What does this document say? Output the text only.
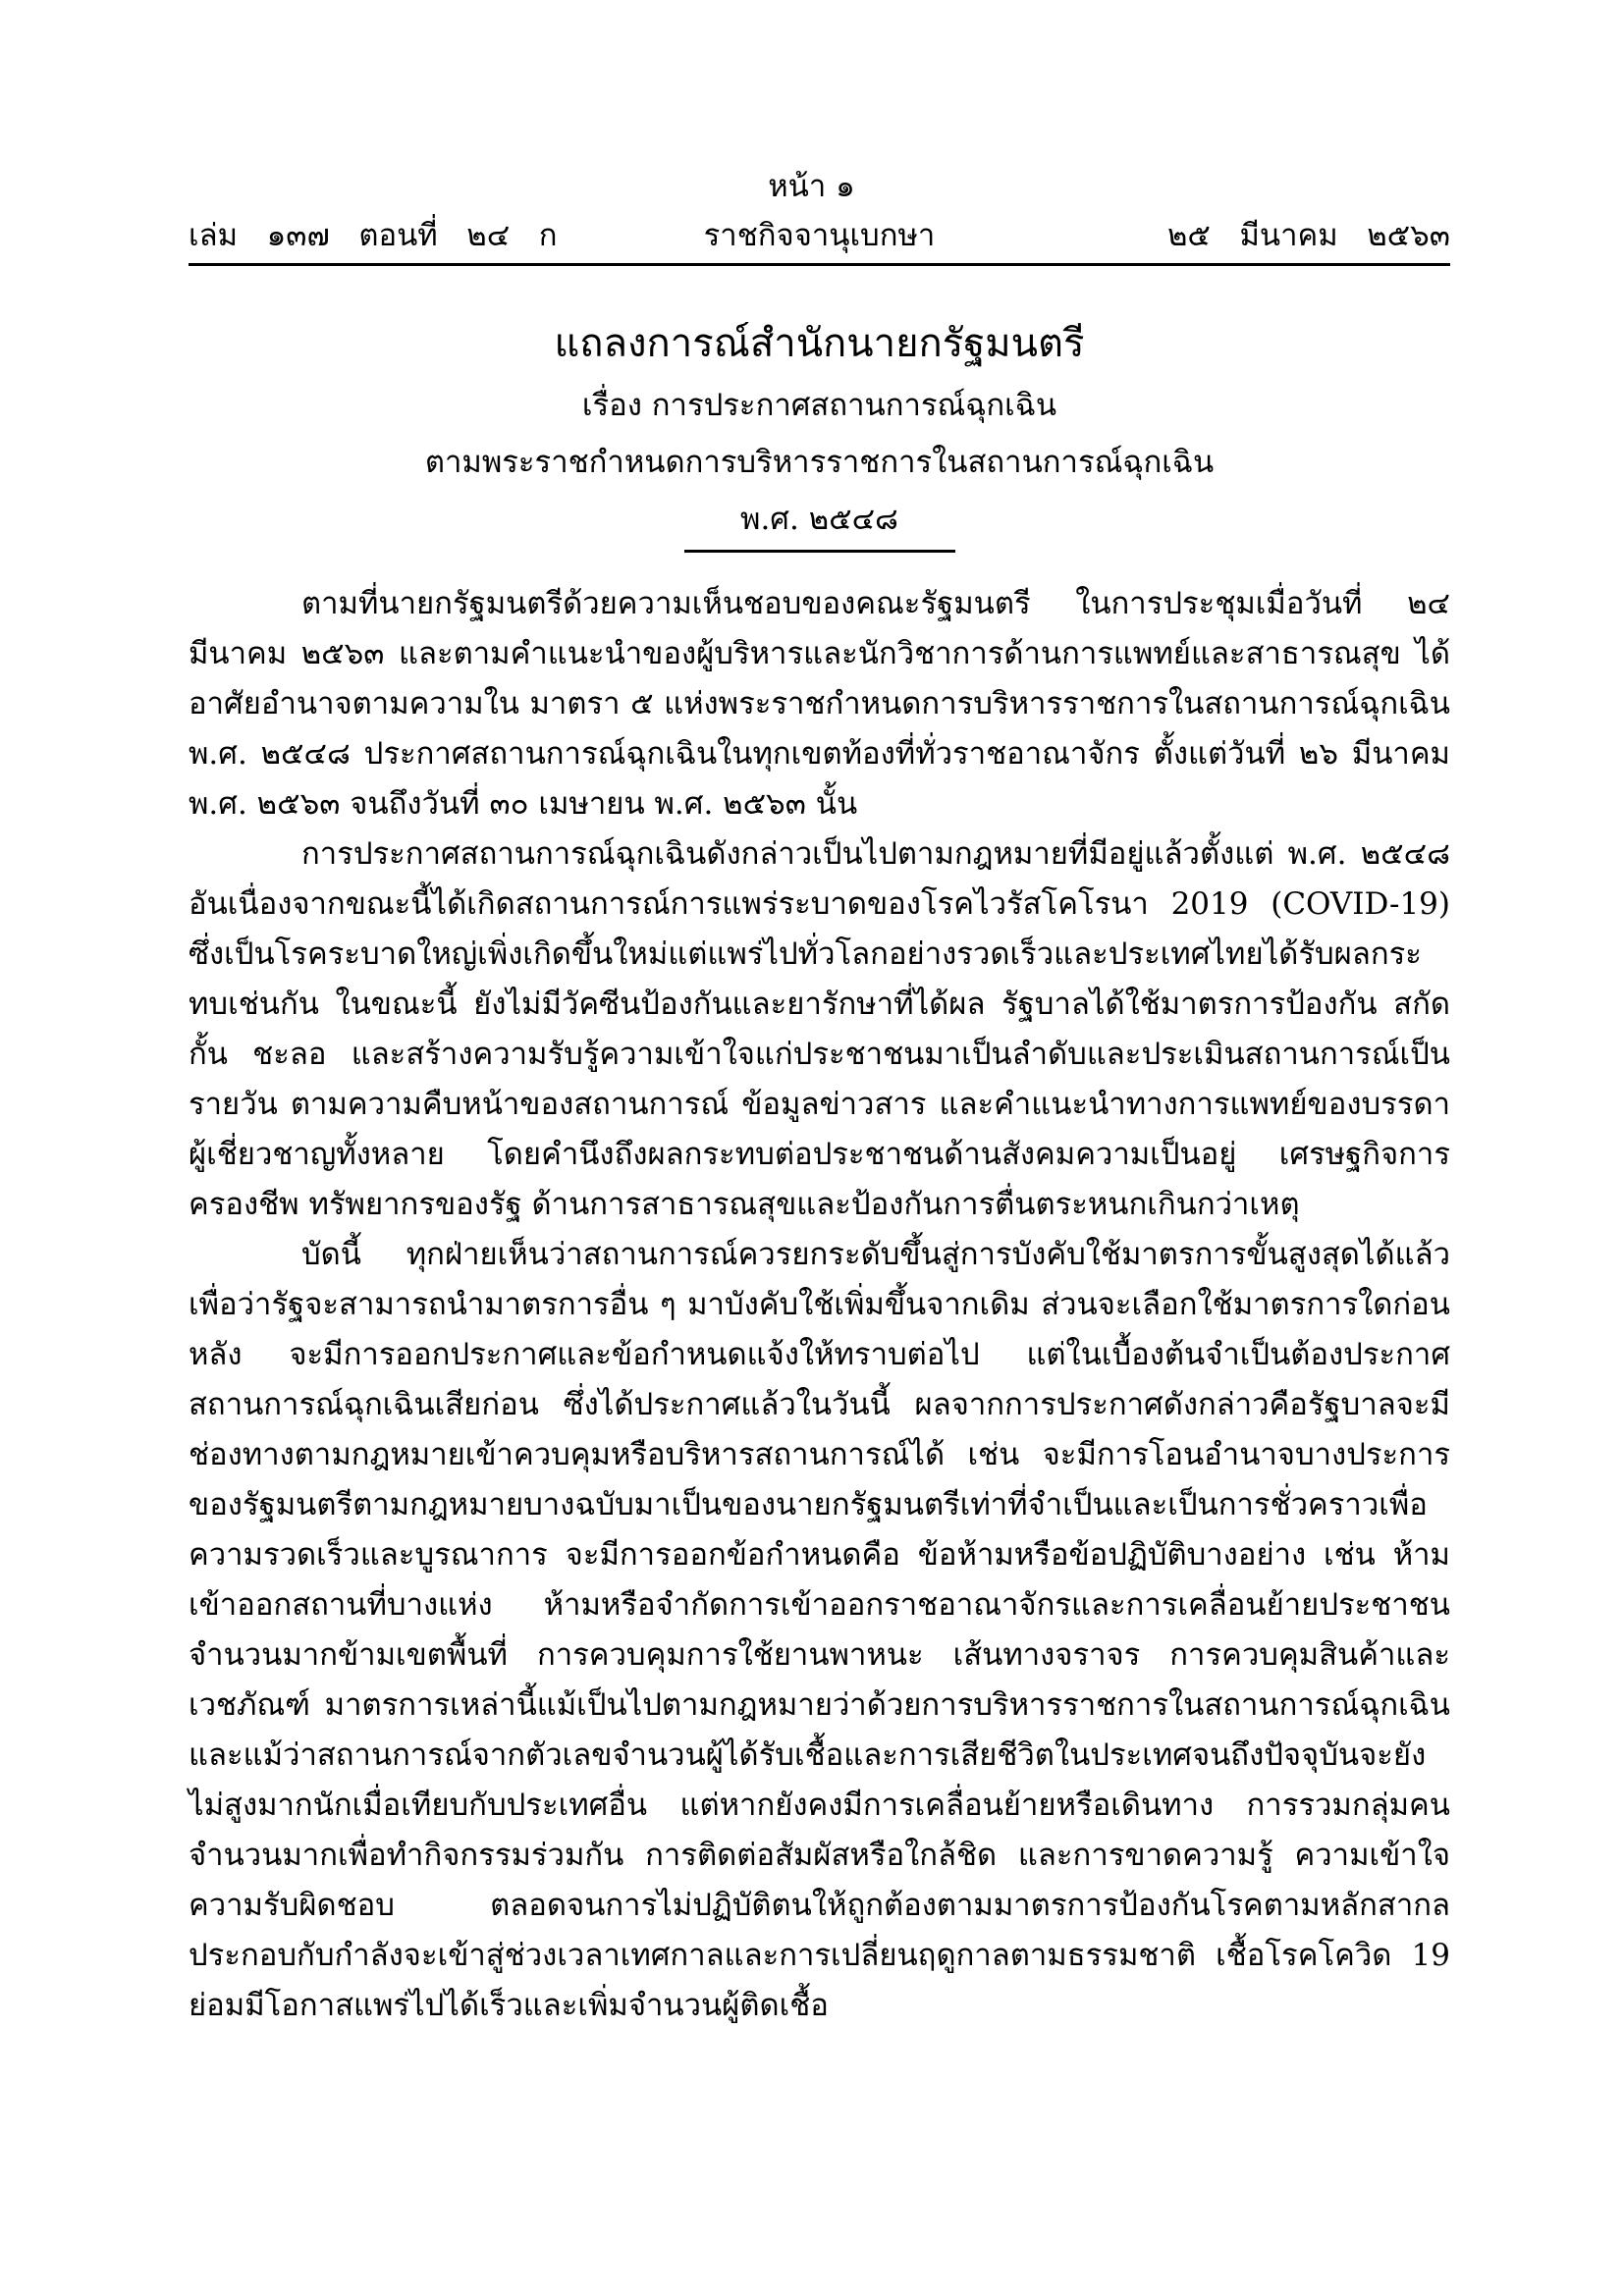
หน้า ๑
ราชกิจจานุเบกษา
เล่ม   ๑๓๗   ตอนที่   ๒๔   ก	๒๕   มีนาคม   ๒๕๖๓
แถลงการณ์สำนักนายกรัฐมนตรี
เรื่อง การประกาศสถานการณ์ฉุกเฉิน
ตามพระราชกำหนดการบริหารราชการในสถานการณ์ฉุกเฉิน
พ.ศ. ๒๕๔๘

ตามที่นายกรัฐมนตรีด้วยความเห็นชอบของคณะรัฐมนตรี ในการประชุมเมื่อวันที่ ๒๔ มีนาคม ๒๕๖๓ และตามคำแนะนำของผู้บริหารและนักวิชาการด้านการแพทย์และสาธารณสุข ได้อาศัยอำนาจตามความใน มาตรา ๕ แห่งพระราชกำหนดการบริหารราชการในสถานการณ์ฉุกเฉิน พ.ศ. ๒๕๔๘ ประกาศสถานการณ์ฉุกเฉินในทุกเขตท้องที่ทั่วราชอาณาจักร ตั้งแต่วันที่ ๒๖ มีนาคม พ.ศ. ๒๕๖๓ จนถึงวันที่ ๓๐ เมษายน พ.ศ. ๒๕๖๓ นั้น

การประกาศสถานการณ์ฉุกเฉินดังกล่าวเป็นไปตามกฎหมายที่มีอยู่แล้วตั้งแต่ พ.ศ. ๒๕๔๘ อันเนื่องจากขณะนี้ได้เกิดสถานการณ์การแพร่ระบาดของโรคไวรัสโคโรนา 2019 (COVID-19) ซึ่งเป็นโรคระบาดใหญ่เพิ่งเกิดขึ้นใหม่แต่แพร่ไปทั่วโลกอย่างรวดเร็วและประเทศไทยได้รับผลกระทบเช่นกัน ในขณะนี้ ยังไม่มีวัคซีนป้องกันและยารักษาที่ได้ผล รัฐบาลได้ใช้มาตรการป้องกัน สกัดกั้น ชะลอ และสร้างความรับรู้ความเข้าใจแก่ประชาชนมาเป็นลำดับและประเมินสถานการณ์เป็นรายวัน ตามความคืบหน้าของสถานการณ์ ข้อมูลข่าวสาร และคำแนะนำทางการแพทย์ของบรรดาผู้เชี่ยวชาญทั้งหลาย โดยคำนึงถึงผลกระทบต่อประชาชนด้านสังคมความเป็นอยู่ เศรษฐกิจการครองชีพ ทรัพยากรของรัฐ ด้านการสาธารณสุขและป้องกันการตื่นตระหนกเกินกว่าเหตุ

บัดนี้ ทุกฝ่ายเห็นว่าสถานการณ์ควรยกระดับขึ้นสู่การบังคับใช้มาตรการขั้นสูงสุดได้แล้ว เพื่อว่ารัฐจะสามารถนำมาตรการอื่น ๆ มาบังคับใช้เพิ่มขึ้นจากเดิม ส่วนจะเลือกใช้มาตรการใดก่อนหลัง จะมีการออกประกาศและข้อกำหนดแจ้งให้ทราบต่อไป แต่ในเบื้องต้นจำเป็นต้องประกาศสถานการณ์ฉุกเฉินเสียก่อน ซึ่งได้ประกาศแล้วในวันนี้ ผลจากการประกาศดังกล่าวคือรัฐบาลจะมีช่องทางตามกฎหมายเข้าควบคุมหรือบริหารสถานการณ์ได้ เช่น จะมีการโอนอำนาจบางประการของรัฐมนตรีตามกฎหมายบางฉบับมาเป็นของนายกรัฐมนตรีเท่าที่จำเป็นและเป็นการชั่วคราวเพื่อความรวดเร็วและบูรณาการ จะมีการออกข้อกำหนดคือ ข้อห้ามหรือข้อปฏิบัติบางอย่าง เช่น ห้ามเข้าออกสถานที่บางแห่ง ห้ามหรือจำกัดการเข้าออกราชอาณาจักรและการเคลื่อนย้ายประชาชนจำนวนมากข้ามเขตพื้นที่ การควบคุมการใช้ยานพาหนะ เส้นทางจราจร การควบคุมสินค้าและเวชภัณฑ์ มาตรการเหล่านี้แม้เป็นไปตามกฎหมายว่าด้วยการบริหารราชการในสถานการณ์ฉุกเฉิน และแม้ว่าสถานการณ์จากตัวเลขจำนวนผู้ได้รับเชื้อและการเสียชีวิตในประเทศจนถึงปัจจุบันจะยังไม่สูงมากนักเมื่อเทียบกับประเทศอื่น แต่หากยังคงมีการเคลื่อนย้ายหรือเดินทาง การรวมกลุ่มคนจำนวนมากเพื่อทำกิจกรรมร่วมกัน การติดต่อสัมผัสหรือใกล้ชิด และการขาดความรู้ ความเข้าใจ ความรับผิดชอบ ตลอดจนการไม่ปฏิบัติตนให้ถูกต้องตามมาตรการป้องกันโรคตามหลักสากล ประกอบกับกำลังจะเข้าสู่ช่วงเวลาเทศกาลและการเปลี่ยนฤดูกาลตามธรรมชาติ เชื้อโรคโควิด 19 ย่อมมีโอกาสแพร่ไปได้เร็วและเพิ่มจำนวนผู้ติดเชื้อ
